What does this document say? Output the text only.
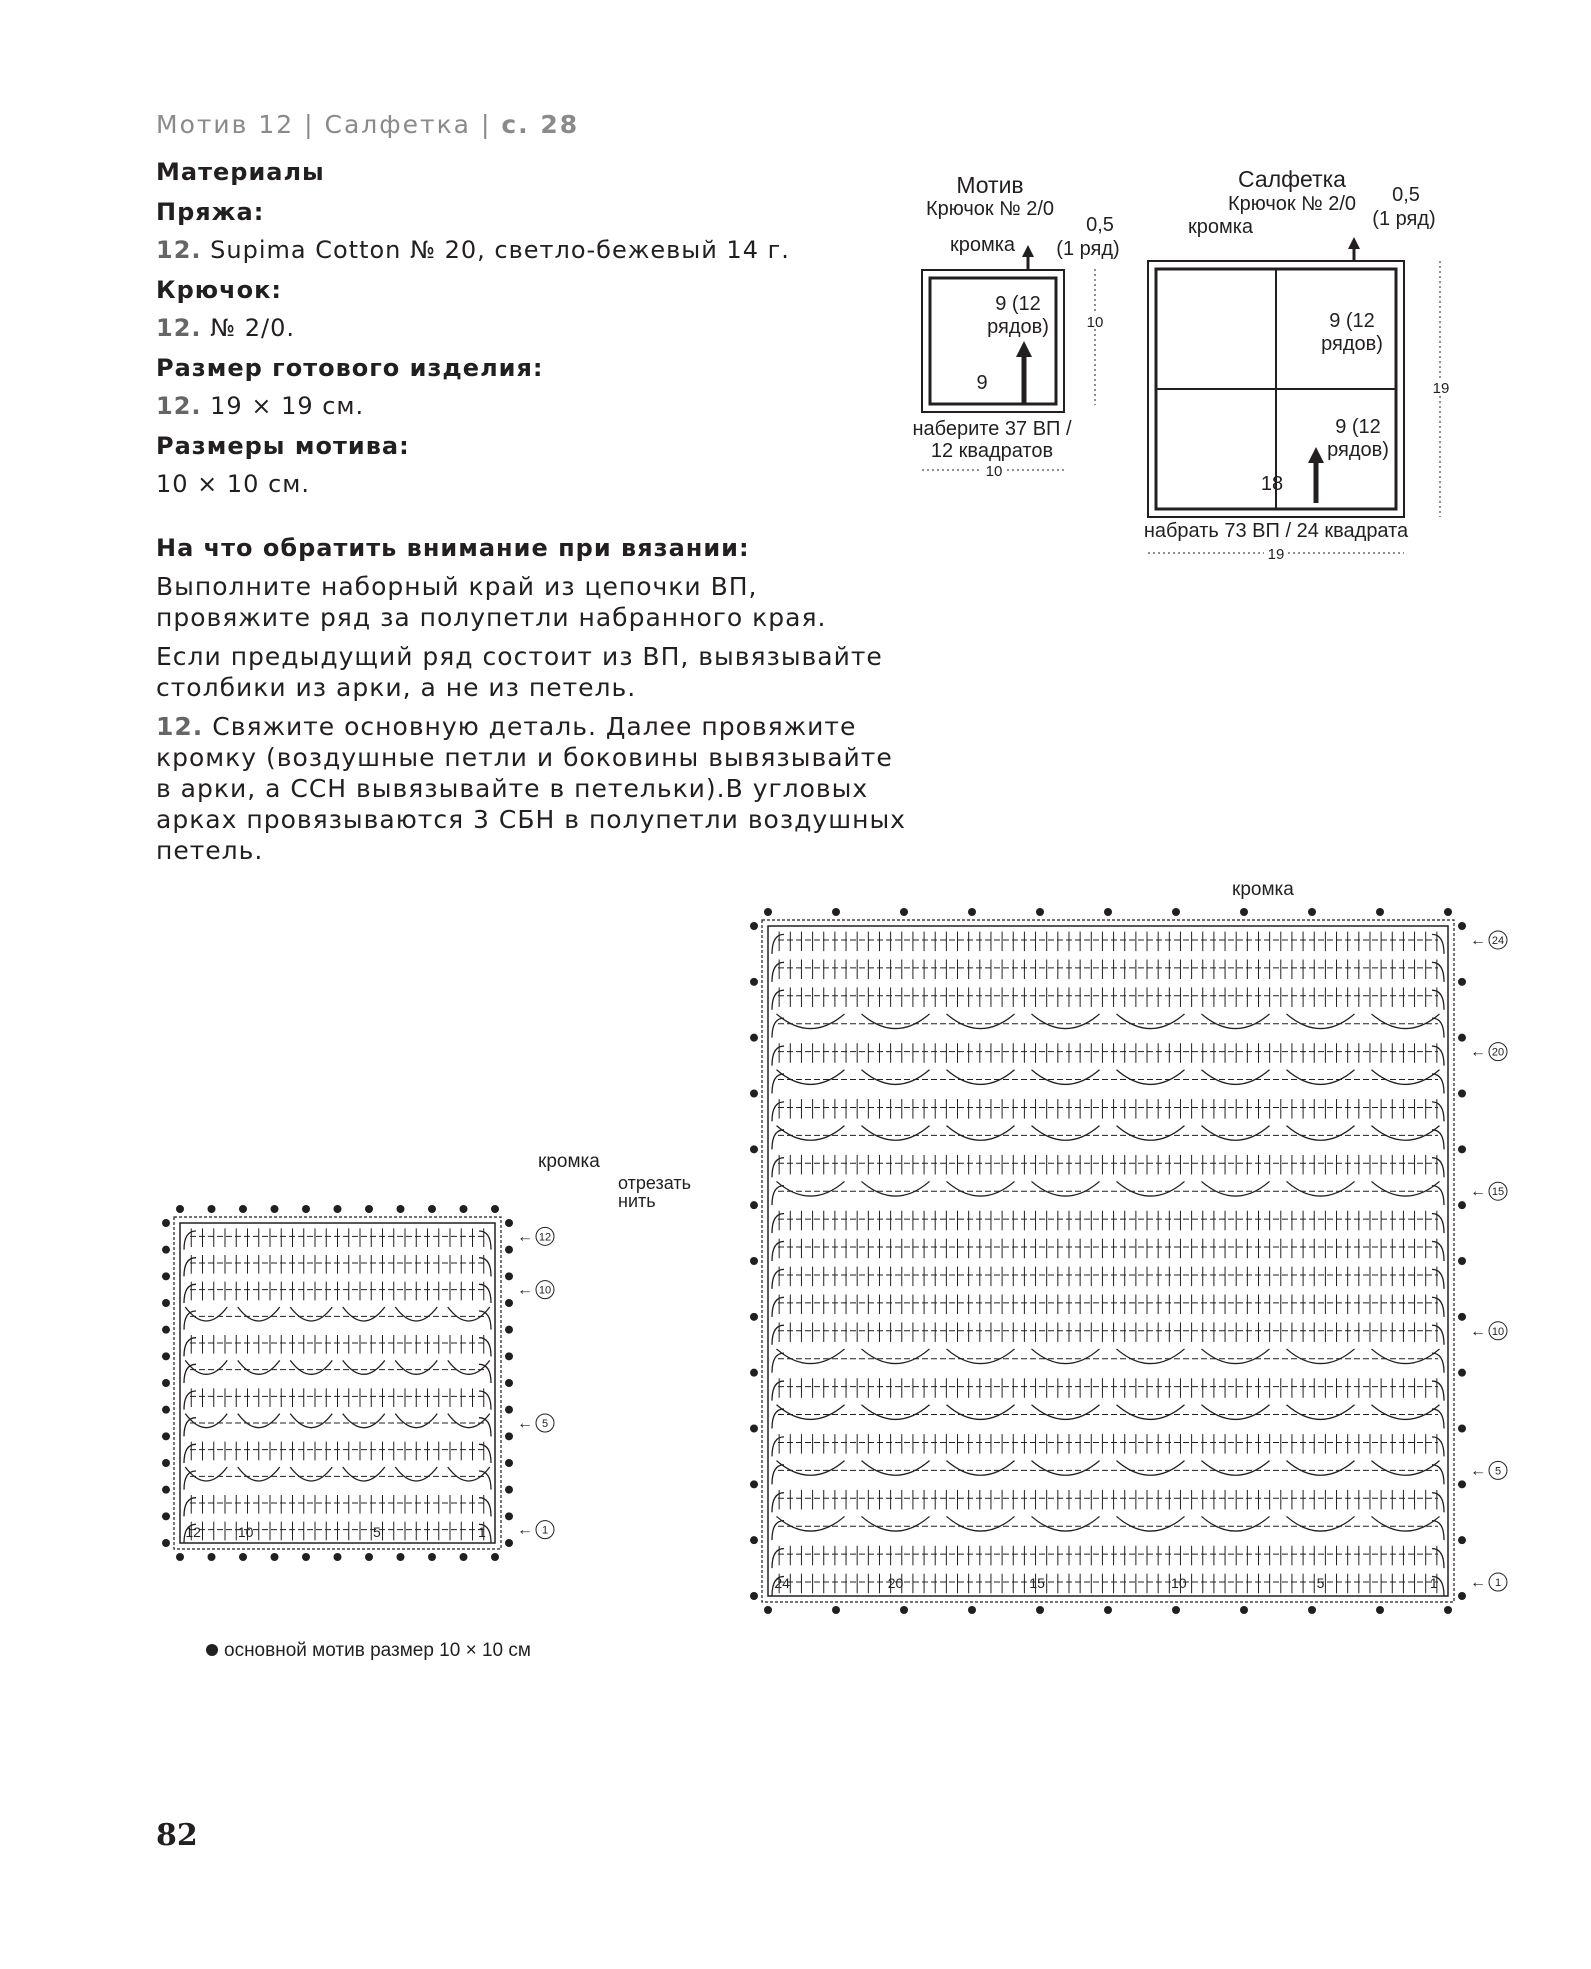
Мотив 12 | Салфетка | с. 28
Материалы
Пряжа:
12. Supima Cotton № 20, светло-бежевый 14 г.
Крючок:
12. № 2/0.
Размер готового изделия:
12. 19 × 19 см.
Размеры мотива:
10 × 10 см.
На что обратить внимание при вязании:
Выполните наборный край из цепочки ВП, провяжите ряд за полупетли набранного края.
Если предыдущий ряд состоит из ВП, вывязывайте столбики из арки, а не из петель.
12. Свяжите основную деталь. Далее провяжите кромку (воздушные петли и боковины вывязывайте в арки, а ССН вывязывайте в петельки).В угловых арках провязываются 3 СБН в полупетли воздушных петель.
Мотив
Крючок № 2/0
кромка
0,5
(1 ряд)
9 (12
рядов)
9
наберите 37 ВП /
12 квадратов
10
10
Салфетка
Крючок № 2/0
кромка
0,5
(1 ряд)
9 (12
рядов)
9 (12
рядов)
18
набрать 73 ВП / 24 квадрата
19
19
кромка
отрезать
нить
← 12
← 10
← 5
← 1
12	10	5	1
основной мотив размер 10 × 10 см
кромка
← 24
← 20
← 15
← 10
← 5
← 1
24	20	15	10	5	1
82
